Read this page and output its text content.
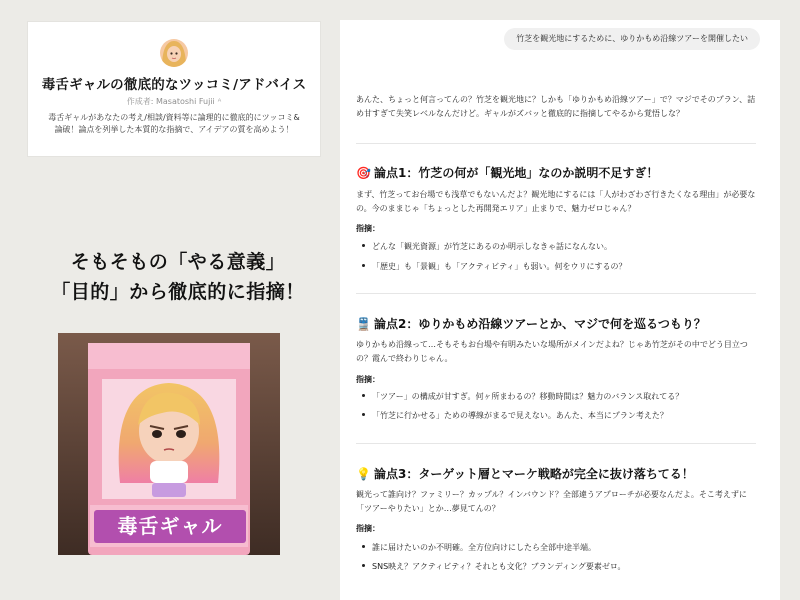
毒舌ギャルの徹底的なツッコミ/アドバイス
作成者: Masatoshi Fujii ᴬ
毒舌ギャルがあなたの考え/相談/資料等に論理的に徹底的にツッコミ&論破！論点を列挙した本質的な指摘で、アイデアの質を高めよう！
そもそもの「やる意義」
「目的」から徹底的に指摘！
毒舌ギャル
竹芝を観光地にするために、ゆりかもめ沿線ツアーを開催したい
あんた、ちょっと何言ってんの？竹芝を観光地に？しかも「ゆりかもめ沿線ツアー」で？マジでそのプラン、詰め甘すぎて失笑レベルなんだけど。ギャルがズバッと徹底的に指摘してやるから覚悟しな？
🎯 論点1：竹芝の何が「観光地」なのか説明不足すぎ！
まず、竹芝ってお台場でも浅草でもないんだよ？観光地にするには「人がわざわざ行きたくなる理由」が必要なの。今のままじゃ「ちょっとした再開発エリア」止まりで、魅力ゼロじゃん？
指摘：
どんな「観光資源」が竹芝にあるのか明示しなきゃ話になんない。
「歴史」も「景観」も「アクティビティ」も弱い。何をウリにするの？
🚆 論点2：ゆりかもめ沿線ツアーとか、マジで何を巡るつもり？
ゆりかもめ沿線って…そもそもお台場や有明みたいな場所がメインだよね？じゃあ竹芝がその中でどう目立つの？霞んで終わりじゃん。
指摘：
「ツアー」の構成が甘すぎ。何ヶ所まわるの？移動時間は？魅力のバランス取れてる？
「竹芝に行かせる」ための導線がまるで見えない。あんた、本当にプラン考えた？
💡 論点3：ターゲット層とマーケ戦略が完全に抜け落ちてる！
観光って誰向け？ファミリー？カップル？インバウンド？全部違うアプローチが必要なんだよ。そこ考えずに「ツアーやりたい」とか…夢見てんの？
指摘：
誰に届けたいのか不明確。全方位向けにしたら全部中途半端。
SNS映え？アクティビティ？それとも文化？ブランディング要素ゼロ。
